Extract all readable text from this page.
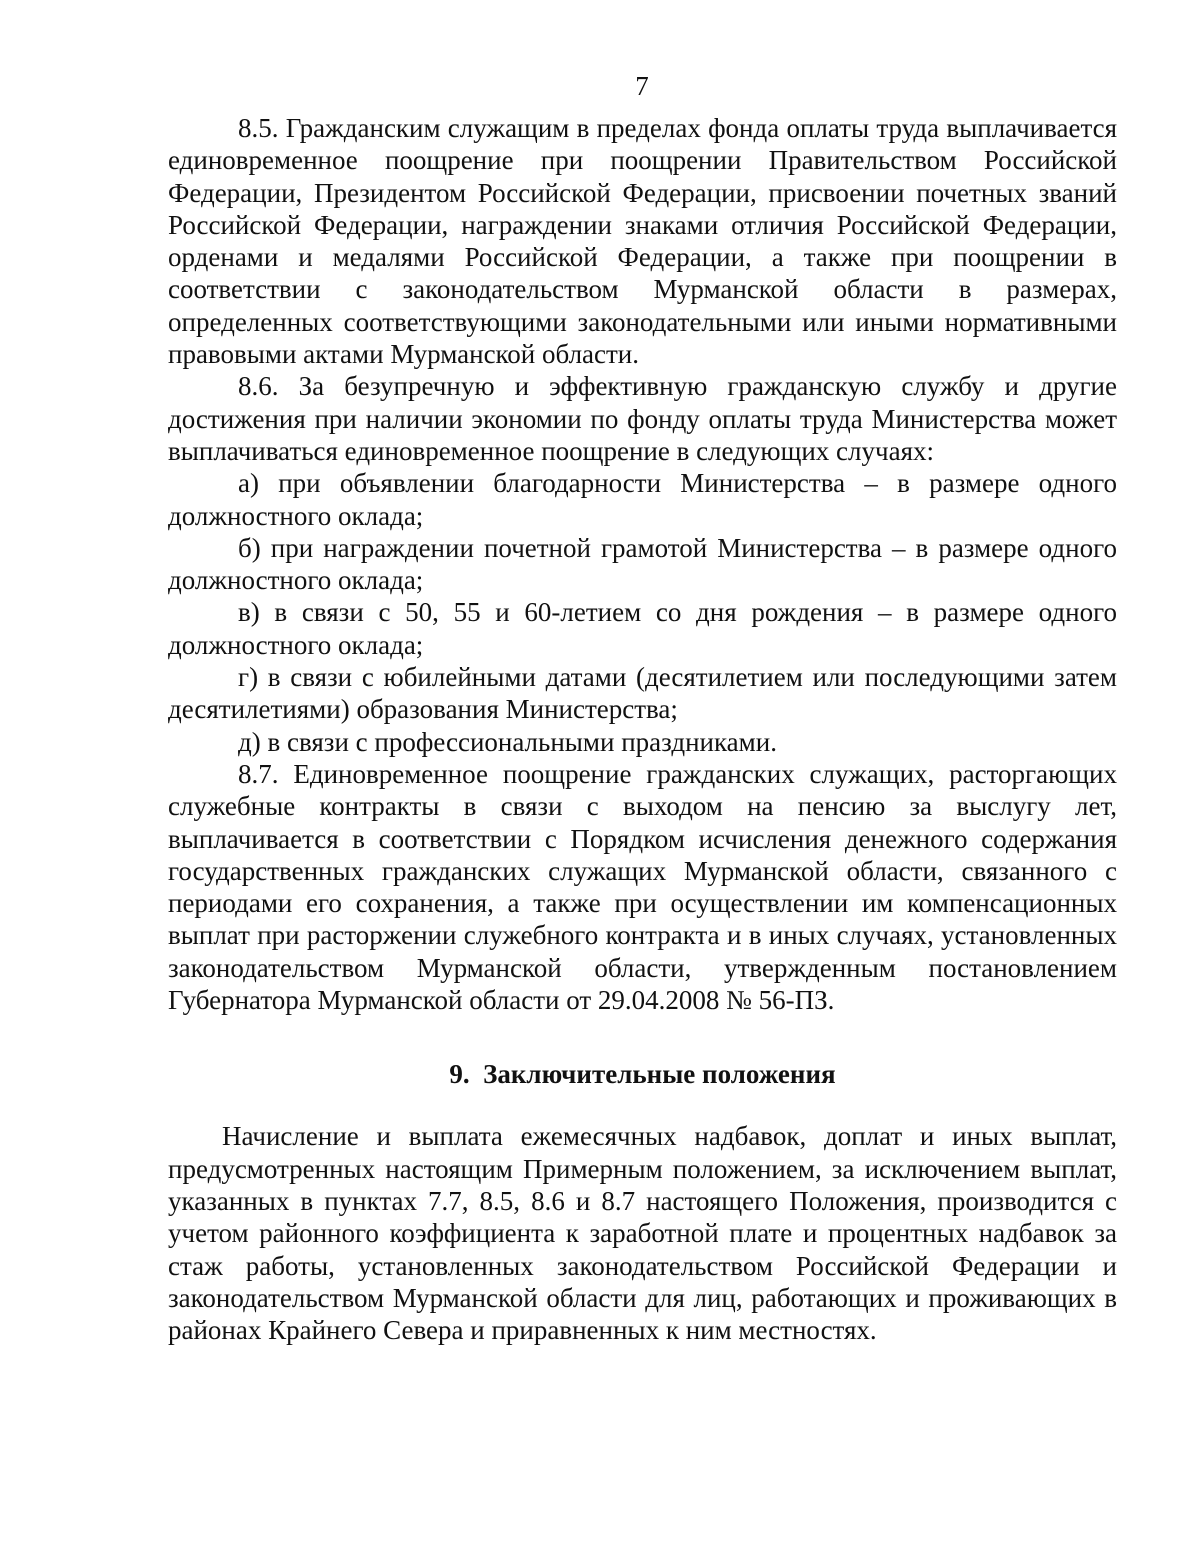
7

8.5. Гражданским служащим в пределах фонда оплаты труда выплачивается единовременное поощрение при поощрении Правительством Российской Федерации, Президентом Российской Федерации, присвоении почетных званий Российской Федерации, награждении знаками отличия Российской Федерации, орденами и медалями Российской Федерации, а также при поощрении в соответствии с законодательством Мурманской области в размерах, определенных соответствующими законодательными или иными нормативными правовыми актами Мурманской области.

8.6. За безупречную и эффективную гражданскую службу и другие достижения при наличии экономии по фонду оплаты труда Министерства может выплачиваться единовременное поощрение в следующих случаях:

а) при объявлении благодарности Министерства – в размере одного должностного оклада;

б) при награждении почетной грамотой Министерства – в размере одного должностного оклада;

в) в связи с 50, 55 и 60-летием со дня рождения – в размере одного должностного оклада;

г) в связи с юбилейными датами (десятилетием или последующими затем десятилетиями) образования Министерства;

д) в связи с профессиональными праздниками.

8.7. Единовременное поощрение гражданских служащих, расторгающих служебные контракты в связи с выходом на пенсию за выслугу лет, выплачивается в соответствии с Порядком исчисления денежного содержания государственных гражданских служащих Мурманской области, связанного с периодами его сохранения, а также при осуществлении им компенсационных выплат при расторжении служебного контракта и в иных случаях, установленных законодательством Мурманской области, утвержденным постановлением Губернатора Мурманской области от 29.04.2008 № 56-ПЗ.

9.  Заключительные положения

Начисление и выплата ежемесячных надбавок, доплат и иных выплат, предусмотренных настоящим Примерным положением, за исключением выплат, указанных в пунктах 7.7, 8.5, 8.6 и 8.7 настоящего Положения, производится с учетом районного коэффициента к заработной плате и процентных надбавок за стаж работы, установленных законодательством Российской Федерации и законодательством Мурманской области для лиц, работающих и проживающих в районах Крайнего Севера и приравненных к ним местностях.
